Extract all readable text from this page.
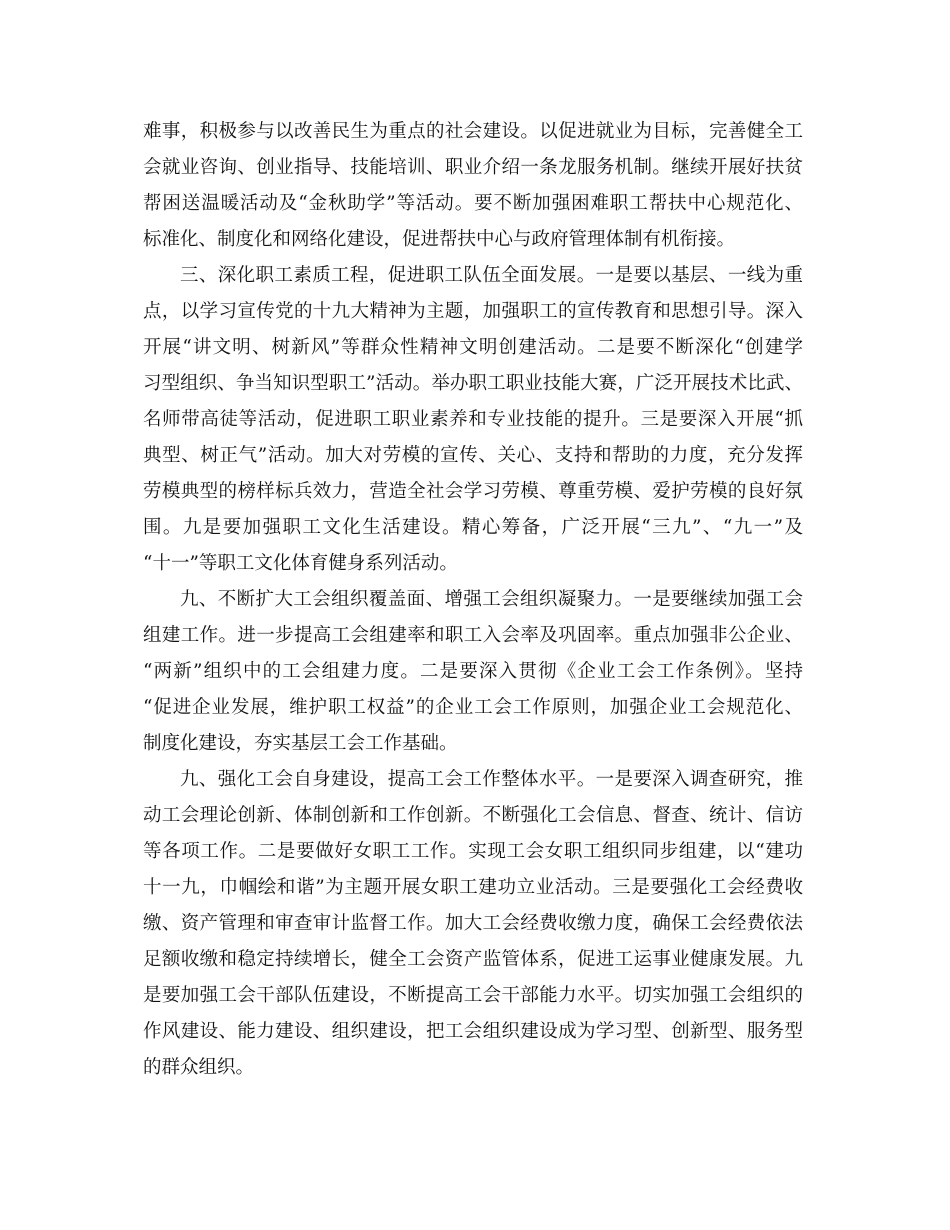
难事，积极参与以改善民生为重点的社会建设。以促进就业为目标，完善健全工
会就业咨询、创业指导、技能培训、职业介绍一条龙服务机制。继续开展好扶贫
帮困送温暖活动及“金秋助学”等活动。要不断加强困难职工帮扶中心规范化、
标准化、制度化和网络化建设，促进帮扶中心与政府管理体制有机衔接。
三、深化职工素质工程，促进职工队伍全面发展。一是要以基层、一线为重
点，以学习宣传党的十九大精神为主题，加强职工的宣传教育和思想引导。深入
开展“讲文明、树新风”等群众性精神文明创建活动。二是要不断深化“创建学
习型组织、争当知识型职工”活动。举办职工职业技能大赛，广泛开展技术比武、
名师带高徒等活动，促进职工职业素养和专业技能的提升。三是要深入开展“抓
典型、树正气”活动。加大对劳模的宣传、关心、支持和帮助的力度，充分发挥
劳模典型的榜样标兵效力，营造全社会学习劳模、尊重劳模、爱护劳模的良好氛
围。九是要加强职工文化生活建设。精心筹备，广泛开展“三九”、“九一”及
“十一”等职工文化体育健身系列活动。
九、不断扩大工会组织覆盖面、增强工会组织凝聚力。一是要继续加强工会
组建工作。进一步提高工会组建率和职工入会率及巩固率。重点加强非公企业、
“两新”组织中的工会组建力度。二是要深入贯彻《企业工会工作条例》。坚持
“促进企业发展，维护职工权益”的企业工会工作原则，加强企业工会规范化、
制度化建设，夯实基层工会工作基础。
九、强化工会自身建设，提高工会工作整体水平。一是要深入调查研究，推
动工会理论创新、体制创新和工作创新。不断强化工会信息、督查、统计、信访
等各项工作。二是要做好女职工工作。实现工会女职工组织同步组建，以“建功
十一九，巾帼绘和谐”为主题开展女职工建功立业活动。三是要强化工会经费收
缴、资产管理和审查审计监督工作。加大工会经费收缴力度，确保工会经费依法
足额收缴和稳定持续增长，健全工会资产监管体系，促进工运事业健康发展。九
是要加强工会干部队伍建设，不断提高工会干部能力水平。切实加强工会组织的
作风建设、能力建设、组织建设，把工会组织建设成为学习型、创新型、服务型
的群众组织。
